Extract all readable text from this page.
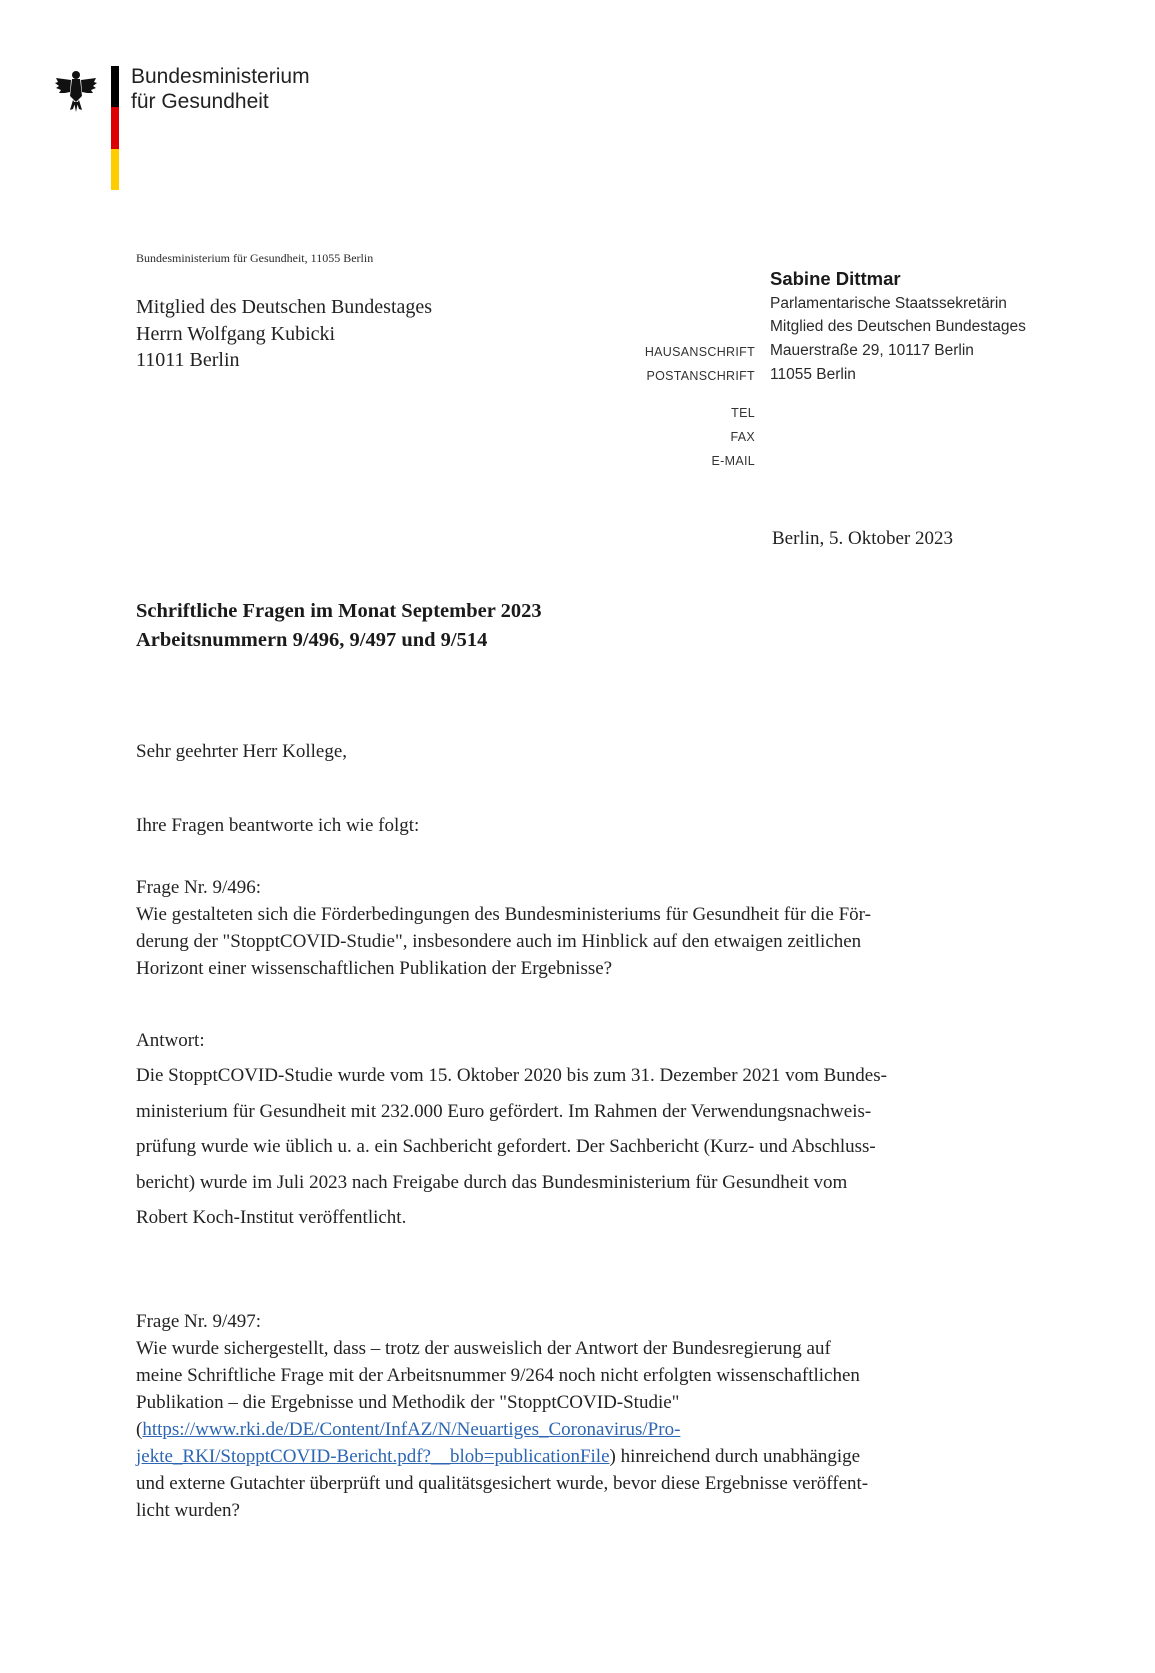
Bundesministerium
für Gesundheit
Bundesministerium für Gesundheit, 11055 Berlin
Mitglied des Deutschen Bundestages
Herrn Wolfgang Kubicki
11011 Berlin
Sabine Dittmar
Parlamentarische Staatssekretärin
Mitglied des Deutschen Bundestages
HAUSANSCHRIFT Mauerstraße 29, 10117 Berlin
POSTANSCHRIFT 11055 Berlin
TEL
FAX
E-MAIL
Berlin, 5. Oktober 2023
Schriftliche Fragen im Monat September 2023
Arbeitsnummern 9/496, 9/497 und 9/514
Sehr geehrter Herr Kollege,
Ihre Fragen beantworte ich wie folgt:
Frage Nr. 9/496:
Wie gestalteten sich die Förderbedingungen des Bundesministeriums für Gesundheit für die För-
derung der "StopptCOVID-Studie", insbesondere auch im Hinblick auf den etwaigen zeitlichen
Horizont einer wissenschaftlichen Publikation der Ergebnisse?
Antwort:
Die StopptCOVID-Studie wurde vom 15. Oktober 2020 bis zum 31. Dezember 2021 vom Bundes-
ministerium für Gesundheit mit 232.000 Euro gefördert. Im Rahmen der Verwendungsnachweis-
prüfung wurde wie üblich u. a. ein Sachbericht gefordert. Der Sachbericht (Kurz- und Abschluss-
bericht) wurde im Juli 2023 nach Freigabe durch das Bundesministerium für Gesundheit vom
Robert Koch-Institut veröffentlicht.
Frage Nr. 9/497:
Wie wurde sichergestellt, dass – trotz der ausweislich der Antwort der Bundesregierung auf
meine Schriftliche Frage mit der Arbeitsnummer 9/264 noch nicht erfolgten wissenschaftlichen
Publikation – die Ergebnisse und Methodik der "StopptCOVID-Studie"
(https://www.rki.de/DE/Content/InfAZ/N/Neuartiges_Coronavirus/Pro-
jekte_RKI/StopptCOVID-Bericht.pdf?__blob=publicationFile) hinreichend durch unabhängige
und externe Gutachter überprüft und qualitätsgesichert wurde, bevor diese Ergebnisse veröffent-
licht wurden?
